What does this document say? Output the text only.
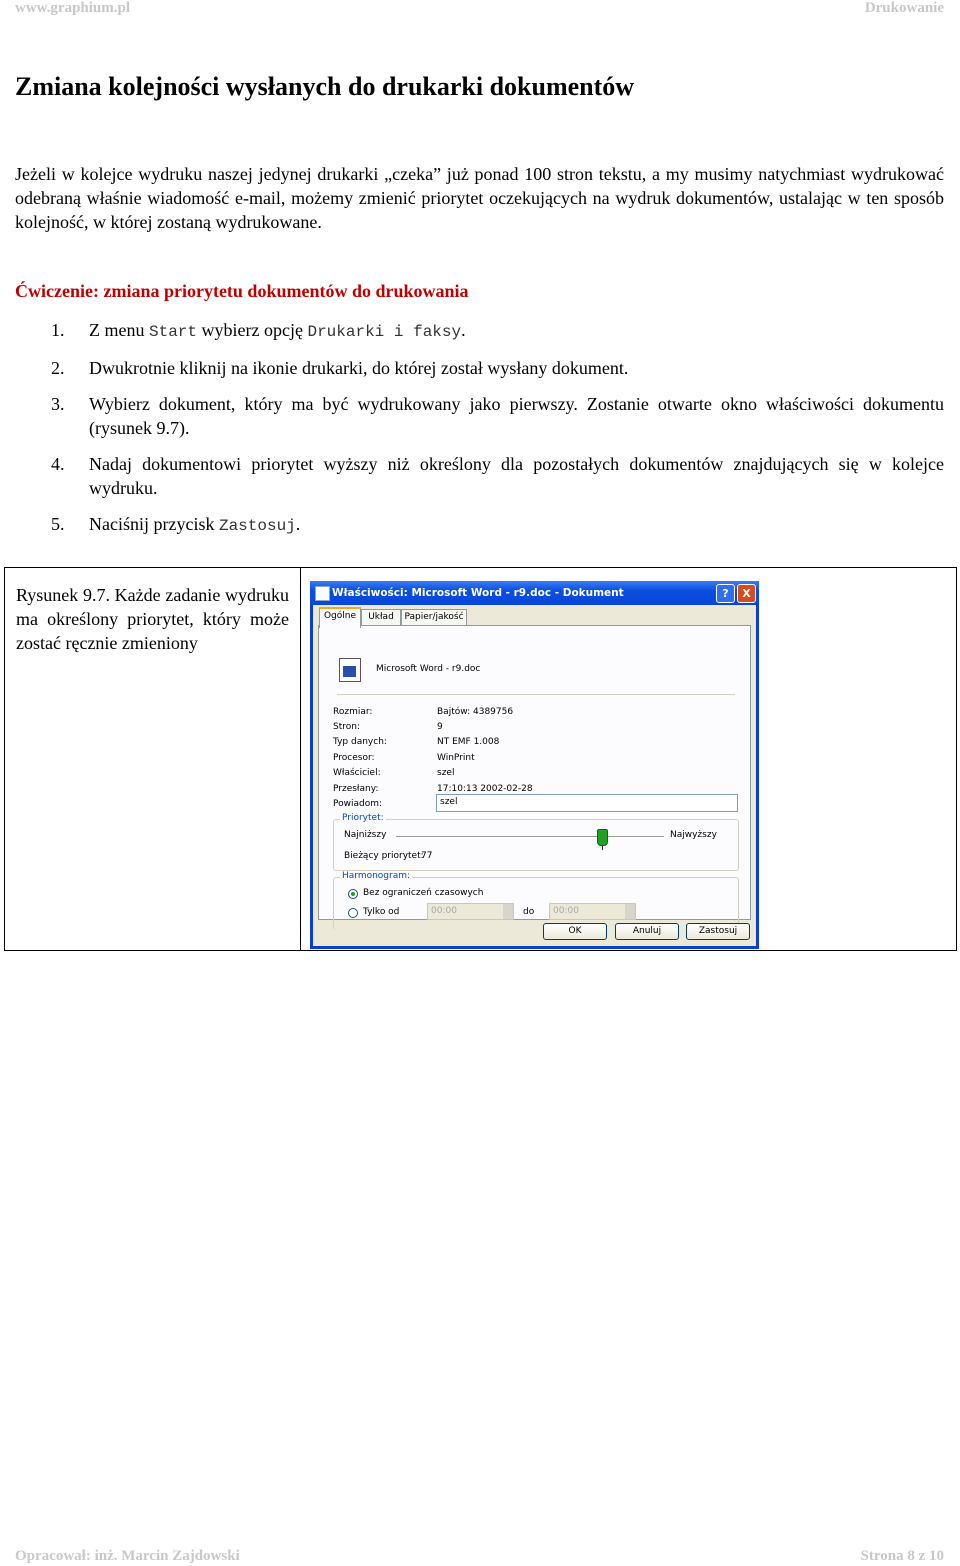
www.graphium.pl	Drukowanie
Zmiana kolejności wysłanych do drukarki dokumentów
Jeżeli w kolejce wydruku naszej jedynej drukarki „czeka” już ponad 100 stron tekstu, a my musimy natychmiast wydrukować odebraną właśnie wiadomość e-mail, możemy zmienić priorytet oczekujących na wydruk dokumentów, ustalając w ten sposób kolejność, w której zostaną wydrukowane.
Ćwiczenie: zmiana priorytetu dokumentów do drukowania
1. Z menu Start wybierz opcję Drukarki i faksy.
2. Dwukrotnie kliknij na ikonie drukarki, do której został wysłany dokument.
3. Wybierz dokument, który ma być wydrukowany jako pierwszy. Zostanie otwarte okno właściwości dokumentu (rysunek 9.7).
4. Nadaj dokumentowi priorytet wyższy niż określony dla pozostałych dokumentów znajdujących się w kolejce wydruku.
5. Naciśnij przycisk Zastosuj.
Rysunek 9.7. Każde zadanie wydruku ma określony priorytet, który może zostać ręcznie zmieniony
Właściwości: Microsoft Word - r9.doc - Dokument	?	X
Ogólne	Układ	Papier/jakość
Microsoft Word - r9.doc
Rozmiar:	Bajtów: 4389756
Stron:	9
Typ danych:	NT EMF 1.008
Procesor:	WinPrint
Właściciel:	szel
Przesłany:	17:10:13 2002-02-28
Powiadom:	szel
Priorytet:
Najniższy	Najwyższy
Bieżący priorytet:
77
Harmonogram:
Bez ograniczeń czasowych
Tylko od	00:00	do 00:00
OK	Anuluj	Zastosuj
Opracował: inż. Marcin Zajdowski	Strona 8 z 10
